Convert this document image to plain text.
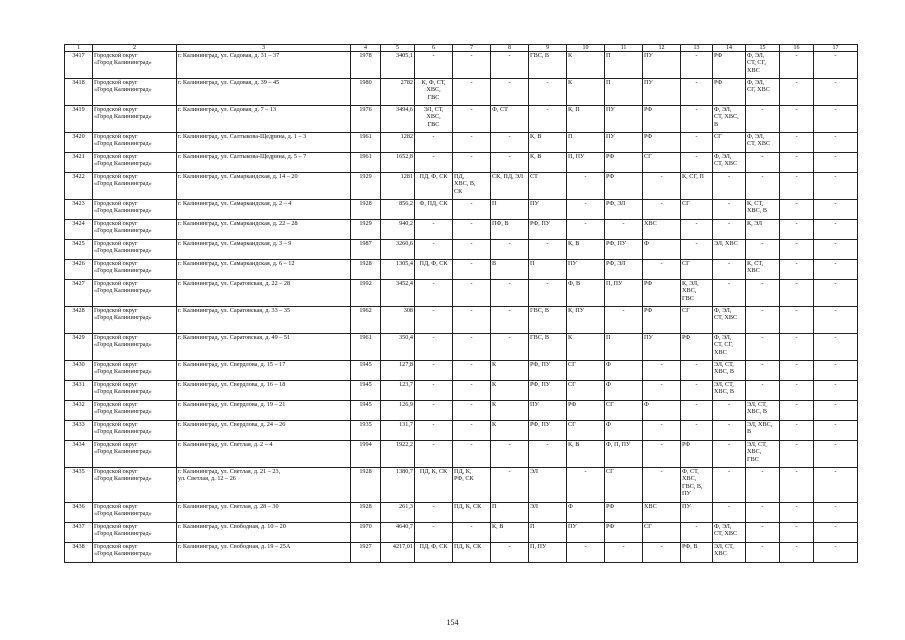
1	2	3	4	5	6	7	8	9	10	11	12	13	14	15	16	17
3417	Городской округ
«Город Калининград»	г. Калининград, ул. Садовая, д. 31 – 37	1978	3405,1	-	-	-	ГВС, В	К	П	ПУ	-	РФ	Ф, ЭЛ,
СТ, СГ,
ХВС	-	-
3418	Городской округ
«Город Калининград»	г. Калининград, ул. Садовая, д. 39 – 45	1980	2782	К, Ф, СТ,
ХВС,
ГВС	-	-	-	К	П	ПУ	-	РФ	Ф, ЭЛ,
СГ, ХВС	-	-
3419	Городской округ
«Город Калининград»	г. Калининград, ул. Садовая, д. 7 – 13	1976	3494,6	ЭЛ, СТ,
ХВС,
ГВС	-	Ф, СТ	-	К, П	ПУ	РФ	-	Ф, ЭЛ,
СТ, ХВС,
В	-	-	-
3420	Городской округ
«Город Калининград»	г. Калининград, ул. Салтыкова-Щедрина, д. 1 – 3	1961	1282	-	-	-	К, В	П	ПУ	РФ	-	СГ	Ф, ЭЛ,
СТ, ХВС	-	-
3421	Городской округ
«Город Калининград»	г. Калининград, ул. Салтыкова-Щедрина, д. 5 – 7	1961	1652,8	-	-	-	К, В	П, ПУ	РФ	СГ	-	Ф, ЭЛ,
СТ, ХВС	-	-	-
3422	Городской округ
«Город Калининград»	г. Калининград, ул. Самаркандская, д. 14 – 20	1929	1281	ПД, Ф, СК	ПД,
ХВС, В,
СК	СК, ПД, ЭЛ	СТ	-	РФ	-	К, СГ, П	-	-	-	-
3423	Городской округ
«Город Калининград»	г. Калининград, ул. Самаркандская, д. 2 – 4	1928	856,2	Ф, ПД, СК	-	П	ПУ	-	РФ, ЭЛ	-	СГ	-	К, СТ,
ХВС, В	-	-
3424	Городской округ
«Город Калининград»	г. Калининград, ул. Самаркандская, д. 22 – 28	1929	940,2	-	-	ПФ, В	РФ, ПУ	-	-	ХВС	-	-	К, ЭЛ	-	-
3425	Городской округ
«Город Калининград»	г. Калининград, ул. Самаркандская, д. 3 – 9	1987	3260,6	-	-	-	-	К, В	РФ, ПУ	Ф	-	ЭЛ, ХВС	-	-	-
3426	Городской округ
«Город Калининград»	г. Калининград, ул. Самаркандская, д. 6 – 12	1928	1305,4	ПД, Ф, СК	-	В	П	ПУ	РФ, ЭЛ	-	СГ	-	К, СТ,
ХВС	-	-
3427	Городской округ
«Город Калининград»	г. Калининград, ул. Саратовская, д. 22 – 28	1992	3452,4	-	-	-	-	Ф, В	П, ПУ	РФ	К, ЭЛ,
ХВС,
ГВС	-	-	-	-
3428	Городской округ
«Город Калининград»	г. Калининград, ул. Саратовская, д. 33 – 35	1962	308	-	-	-	ГВС, В	К, ПУ	-	РФ	СГ	Ф, ЭЛ,
СТ, ХВС	-	-	-
3429	Городской округ
«Город Калининград»	г. Калининград, ул. Саратовская, д. 49 – 51	1961	350,4	-	-	-	ГВС, В	К	П	ПУ	РФ	Ф, ЭЛ,
СТ, СГ,
ХВС	-	-	-
3430	Городской округ
«Город Калининград»	г. Калининград, ул. Свердлова, д. 15 – 17	1945	127,8	-	-	К	РФ, ПУ	СГ	Ф	-	-	ЭЛ, СТ,
ХВС, В	-	-	-
3431	Городской округ
«Город Калининград»	г. Калининград, ул. Свердлова, д. 16 – 18	1945	123,7	-	-	К	РФ, ПУ	СГ	Ф	-	-	ЭЛ, СТ,
ХВС, В	-	-	-
3432	Городской округ
«Город Калининград»	г. Калининград, ул. Свердлова, д. 19 – 21	1945	126,9	-	-	К	ПУ	РФ	СГ	Ф	-	-	ЭЛ, СТ,
ХВС, В	-	-
3433	Городской округ
«Город Калининград»	г. Калининград, ул. Свердлова, д. 24 – 26	1935	131,7	-	-	К	РФ, ПУ	СГ	Ф	-	-	-	ЭЛ, ХВС,
В	-	-
3434	Городской округ
«Город Калининград»	г. Калининград, ул. Светлая, д. 2 – 4	1994	1922,2	-	-	-	-	К, В	Ф, П, ПУ	-	РФ	-	ЭЛ, СТ,
ХВС,
ГВС	-	-
3435	Городской округ
«Город Калининград»	г. Калининград, ул. Светлая, д. 21 – 23,
ул. Светлая, д. 12 – 26	1928	1380,7	ПД, К, СК	ПД, К,
РФ, СК	-	ЭЛ	-	СГ	-	Ф, СТ,
ХВС,
ГВС, В,
ПУ	-	-	-	-
3436	Городской округ
«Город Калининград»	г. Калининград, ул. Светлая, д. 28 – 30	1928	261,3	-	ПД, К, СК	П	ЭЛ	Ф	РФ	ХВС	ПУ	-	-	-	-
3437	Городской округ
«Город Калининград»	г. Калининград, ул. Свободная, д. 10 – 20	1970	4640,7	-	-	К, В	П	ПУ	РФ	СГ	-	Ф, ЭЛ,
СТ, ХВС	-	-	-
3438	Городской округ
«Город Калининград»	г. Калининград, ул. Свободная, д. 19 – 25А	1927	4217,01	ПД, Ф, СК	ПД, К, СК	-	П, ПУ	-	-	-	РФ, В	ЭЛ, СТ,
ХВС	-	-	-
154
